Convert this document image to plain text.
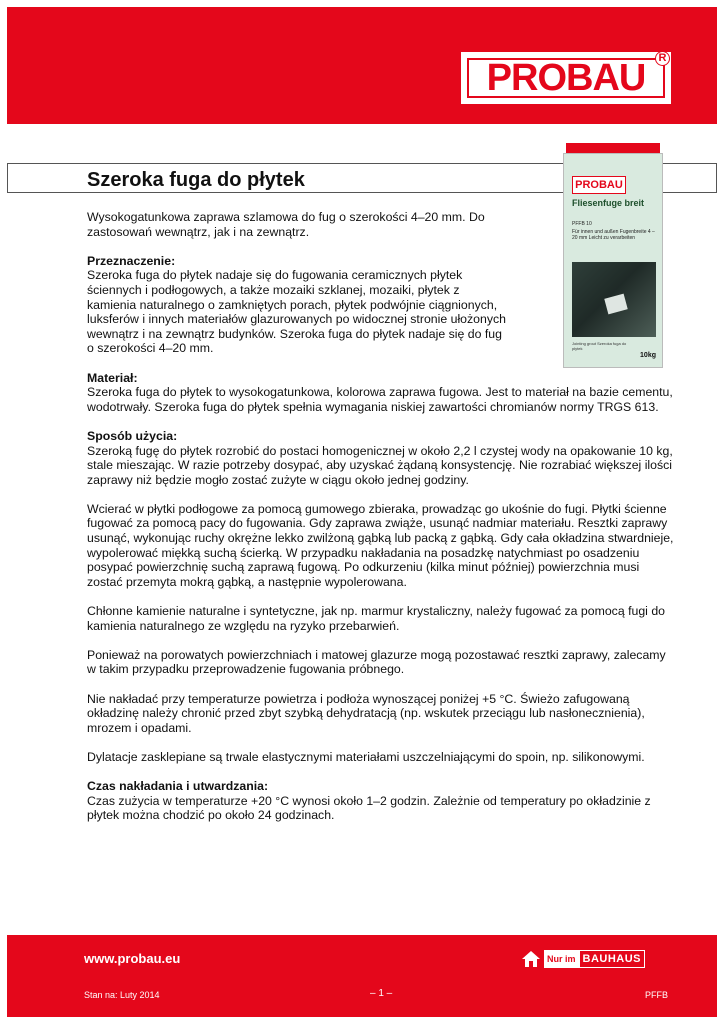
PROBAU	R
Szeroka fuga do płytek	PROBAU
Fliesenfuge breit
PFFB 10
Für innen und außen Fugenbreite 4 – 20 mm Leicht zu verarbeiten
Jointing grout Szeroka fuga do płytek
10kg

Wysokogatunkowa zaprawa szlamowa do fug o szerokości 4–20 mm. Do zastosowań wewnątrz, jak i na zewnątrz.

Przeznaczenie:

Szeroka fuga do płytek nadaje się do fugowania ceramicznych płytek ściennych i podłogowych, a także mozaiki szklanej, mozaiki, płytek z kamienia naturalnego o zamkniętych porach, płytek podwójnie ciągnionych, luksferów i innych materiałów glazurowanych po widocznej stronie ułożonych wewnątrz i na zewnątrz budynków. Szeroka fuga do płytek nadaje się do fug o szerokości 4–20 mm.

Materiał:

Szeroka fuga do płytek to wysokogatunkowa, kolorowa zaprawa fugowa. Jest to materiał na bazie cementu, wodotrwały. Szeroka fuga do płytek spełnia wymagania niskiej zawartości chromianów normy TRGS 613.

Sposób użycia:

Szeroką fugę do płytek rozrobić do postaci homogenicznej w około 2,2 l czystej wody na opakowanie 10 kg, stale mieszając. W razie potrzeby dosypać, aby uzyskać żądaną konsystencję. Nie rozrabiać większej ilości zaprawy niż będzie mogło zostać zużyte w ciągu około jednej godziny.

Wcierać w płytki podłogowe za pomocą gumowego zbieraka, prowadząc go ukośnie do fugi. Płytki ścienne fugować za pomocą pacy do fugowania. Gdy zaprawa zwiąże, usunąć nadmiar materiału. Resztki zaprawy usunąć, wykonując ruchy okrężne lekko zwilżoną gąbką lub packą z gąbką. Gdy cała okładzina stwardnieje, wypolerować miękką suchą ścierką. W przypadku nakładania na posadzkę natychmiast po osadzeniu posypać powierzchnię suchą zaprawą fugową. Po odkurzeniu (kilka minut później) powierzchnia musi zostać przemyta mokrą gąbką, a następnie wypolerowana.

Chłonne kamienie naturalne i syntetyczne, jak np. marmur krystaliczny, należy fugować za pomocą fugi do kamienia naturalnego ze względu na ryzyko przebarwień.

Ponieważ na porowatych powierzchniach i matowej glazurze mogą pozostawać resztki zaprawy, zalecamy w takim przypadku przeprowadzenie fugowania próbnego.

Nie nakładać przy temperaturze powietrza i podłoża wynoszącej poniżej +5 °C. Świeżo zafugowaną okładzinę należy chronić przed zbyt szybką dehydratacją (np. wskutek przeciągu lub nasłonecznienia), mrozem i opadami.

Dylatacje zasklepiane są trwale elastycznymi materiałami uszczelniającymi do spoin, np. silikonowymi.

Czas nakładania i utwardzania:

Czas zużycia w temperaturze +20 °C wynosi około 1–2 godzin. Zależnie od temperatury po okładzinie z płytek można chodzić po około 24 godzinach.

www.probau.eu	Nur im BAUHAUS
Stan na: Luty 2014	– 1 –	PFFB
